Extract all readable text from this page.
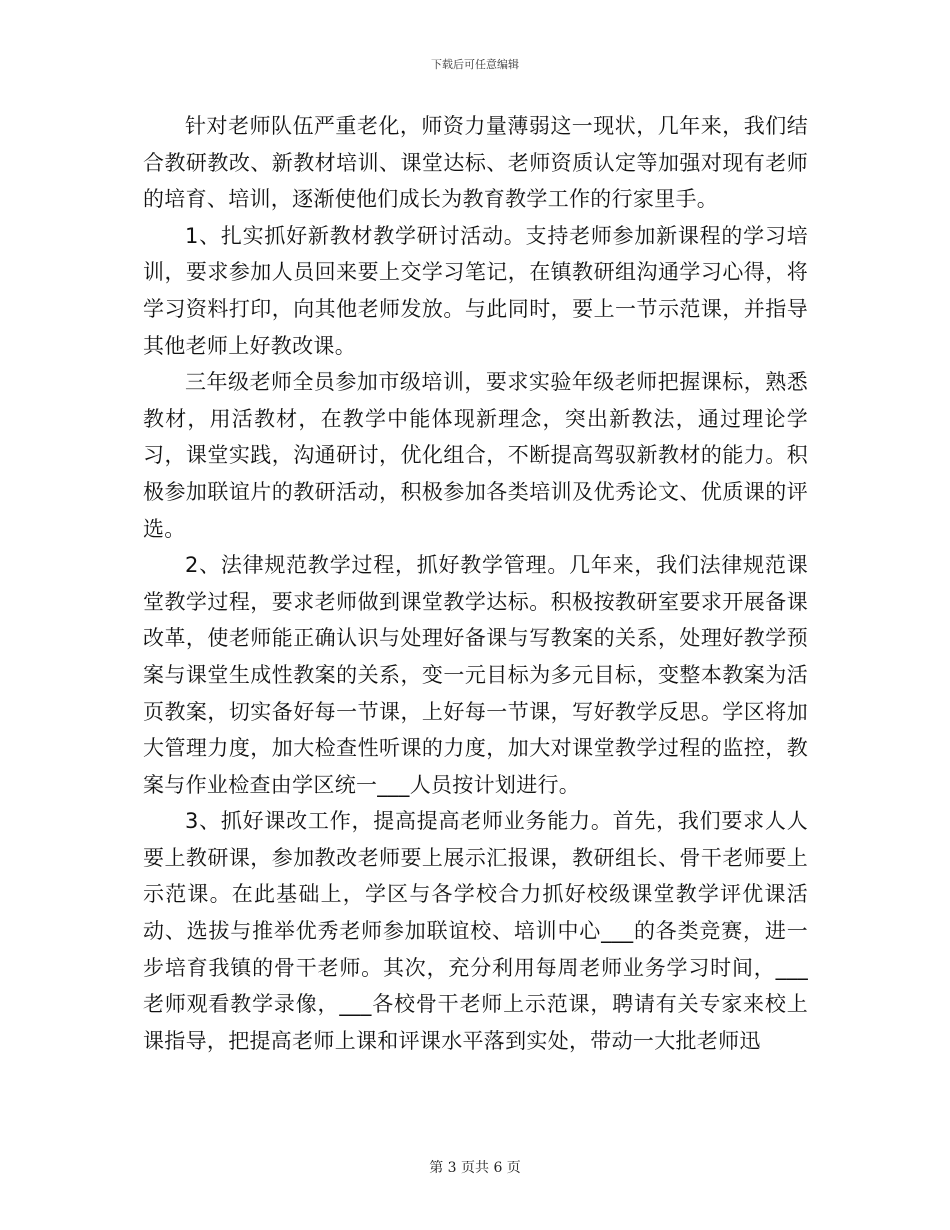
下载后可任意编辑

针对老师队伍严重老化，师资力量薄弱这一现状，几年来，我们结合教研教改、新教材培训、课堂达标、老师资质认定等加强对现有老师的培育、培训，逐渐使他们成长为教育教学工作的行家里手。

1、扎实抓好新教材教学研讨活动。支持老师参加新课程的学习培训，要求参加人员回来要上交学习笔记，在镇教研组沟通学习心得，将学习资料打印，向其他老师发放。与此同时，要上一节示范课，并指导其他老师上好教改课。

三年级老师全员参加市级培训，要求实验年级老师把握课标，熟悉教材，用活教材，在教学中能体现新理念，突出新教法，通过理论学习，课堂实践，沟通研讨，优化组合，不断提高驾驭新教材的能力。积极参加联谊片的教研活动，积极参加各类培训及优秀论文、优质课的评选。

2、法律规范教学过程，抓好教学管理。几年来，我们法律规范课堂教学过程，要求老师做到课堂教学达标。积极按教研室要求开展备课改革，使老师能正确认识与处理好备课与写教案的关系，处理好教学预案与课堂生成性教案的关系，变一元目标为多元目标，变整本教案为活页教案，切实备好每一节课，上好每一节课，写好教学反思。学区将加大管理力度，加大检查性听课的力度，加大对课堂教学过程的监控，教案与作业检查由学区统一___人员按计划进行。

3、抓好课改工作，提高提高老师业务能力。首先，我们要求人人要上教研课，参加教改老师要上展示汇报课，教研组长、骨干老师要上示范课。在此基础上，学区与各学校合力抓好校级课堂教学评优课活动、选拔与推举优秀老师参加联谊校、培训中心___的各类竞赛，进一步培育我镇的骨干老师。其次，充分利用每周老师业务学习时间，___老师观看教学录像，___各校骨干老师上示范课，聘请有关专家来校上课指导，把提高老师上课和评课水平落到实处，带动一大批老师迅

第 3 页共 6 页
